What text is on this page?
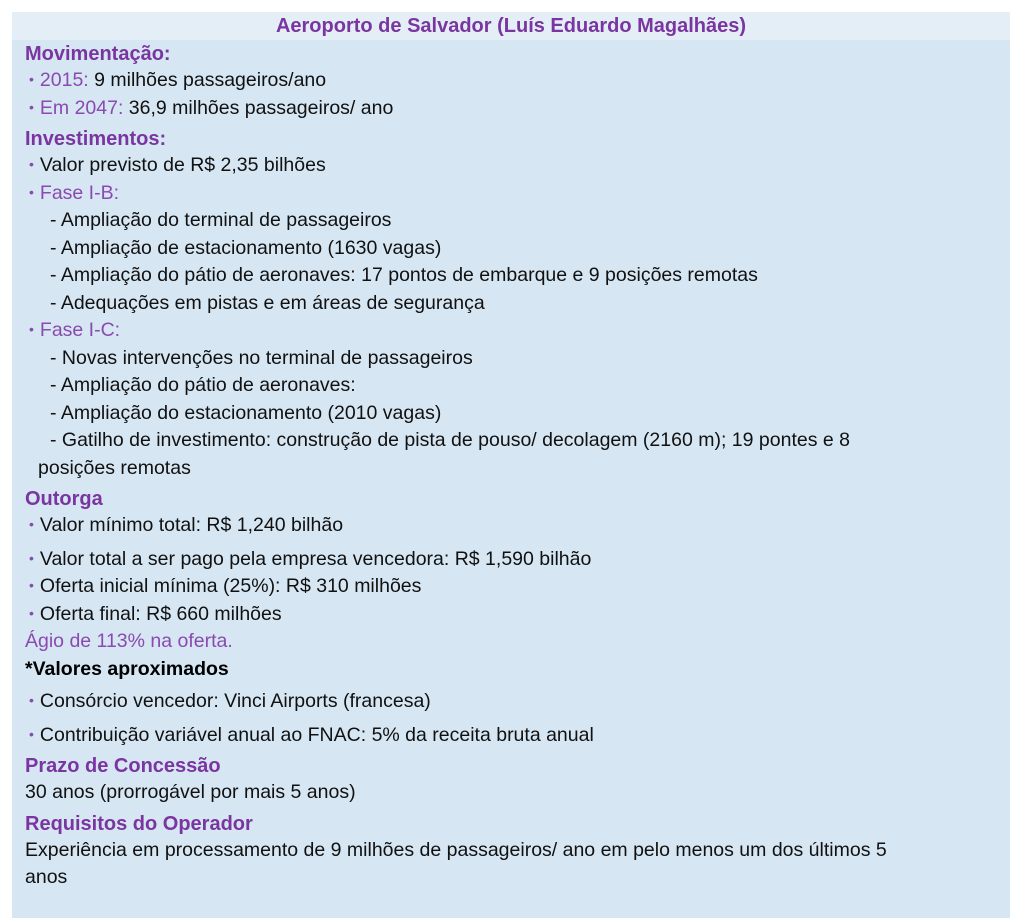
Aeroporto de Salvador (Luís Eduardo Magalhães)
Movimentação:
• 2015: 9 milhões passageiros/ano
• Em 2047: 36,9 milhões passageiros/ ano
Investimentos:
• Valor previsto de R$ 2,35 bilhões
• Fase I-B:
- Ampliação do terminal de passageiros
- Ampliação de estacionamento (1630 vagas)
- Ampliação do pátio de aeronaves: 17 pontos de embarque e 9 posições remotas
- Adequações em pistas e em áreas de segurança
• Fase I-C:
- Novas intervenções no terminal de passageiros
- Ampliação do pátio de aeronaves:
- Ampliação do estacionamento (2010 vagas)
- Gatilho de investimento: construção de pista de pouso/ decolagem (2160 m); 19 pontes e 8
posições remotas
Outorga
• Valor mínimo total: R$ 1,240 bilhão
• Valor total a ser pago pela empresa vencedora: R$ 1,590 bilhão
• Oferta inicial mínima (25%): R$ 310 milhões
• Oferta final: R$ 660 milhões
Ágio de 113% na oferta.
*Valores aproximados
• Consórcio vencedor: Vinci Airports (francesa)
• Contribuição variável anual ao FNAC: 5% da receita bruta anual
Prazo de Concessão
30 anos (prorrogável por mais 5 anos)
Requisitos do Operador
Experiência em processamento de 9 milhões de passageiros/ ano em pelo menos um dos últimos 5
anos
